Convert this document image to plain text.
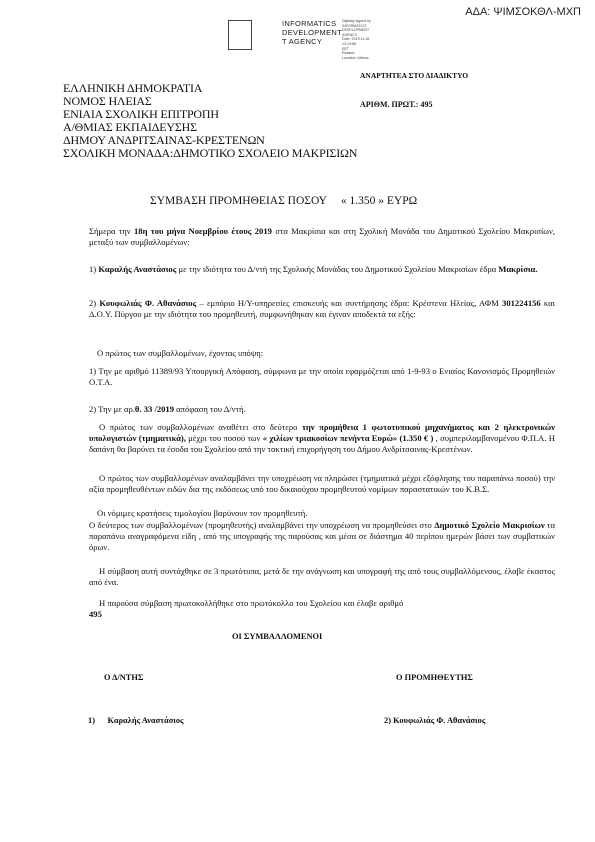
ΑΔΑ: ΨΙΜΣΟΚΘΛ-ΜΧΠ
INFORMATICS
DEVELOPMENT
T AGENCY
Digitally signed by
INFORMATICS
DEVELOPMENT AGENCY
Date: 2019.11.18 13:19:58
EET
Reason:
Location: Athens
ΑΝΑΡΤΗΤΕΑ ΣΤΟ ΔΙΑΔΙΚΤΥΟ
ΑΡΙΘΜ. ΠΡΩΤ.: 495
ΕΛΛΗΝΙΚΗ ΔΗΜΟΚΡΑΤΙΑ
ΝΟΜΟΣ ΗΛΕΙΑΣ
ΕΝΙΑΙΑ ΣΧΟΛΙΚΗ ΕΠΙΤΡΟΠΗ
Α/ΘΜΙΑΣ ΕΚΠΑΙΔΕΥΣΗΣ
ΔΗΜΟΥ ΑΝΔΡΙΤΣΑΙΝΑΣ-ΚΡΕΣΤΕΝΩΝ
ΣΧΟΛΙΚΗ ΜΟΝΑΔΑ:ΔΗΜΟΤΙΚΟ ΣΧΟΛΕΙΟ ΜΑΚΡΙΣΙΩΝ
ΣΥΜΒΑΣΗ ΠΡΟΜΗΘΕΙΑΣ ΠΟΣΟΥ     « 1.350 » ΕΥΡΩ
Σήμερα την 18η του μήνα Νοεμβρίου έτους 2019 στα Μακρίσια και στη Σχολική Μονάδα του Δημοτικού Σχολείου Μακρισίων, μεταξύ των συμβαλλομένων:
1) Καραλής Αναστάσιος με την ιδιότητα του Δ/ντή της Σχολικής Μονάδας του Δημοτικού Σχολείου Μακρισίων έδρα Μακρίσια.
2) Κουφωλιάς Φ. Αθανάσιος – εμπόριο Η/Υ-υπηρεσίες επισκευής και συντήρησης έδρα: Κρέστενα Ηλείας, ΑΦΜ 301224156 και Δ.Ο.Υ. Πύργου με την ιδιότητα του προμηθευτή, συμφωνήθηκαν και έγιναν αποδεκτά τα εξής:
Ο πρώτος των συμβαλλομένων, έχοντας υπόψη:
1) Την με αριθμό 11389/93 Υπουργική Απόφαση, σύμφωνα με την οποία εφαρμόζεται από 1-9-93 ο Ενιαίος Κανονισμός Προμηθειών Ο.Τ.Α.
2) Την με αρ.θ. 33 /2019 απόφαση του Δ/ντή.
Ο πρώτος των συμβαλλομένων αναθέτει στο δεύτερο την προμήθεια 1 φωτοτυπικού μηχανήματος και 2 ηλεκτρονικών υπολογιστών (τμηματικά), μέχρι του ποσού των « χιλίων τριακοσίων πενήντα Ευρώ» (1.350 € ) , συμπεριλαμβανομένου Φ.Π.Α. Η δαπάνη θα βαρύνει τα έσοδα του Σχολείου από την τακτική επιχορήγηση του Δήμου Ανδρίτσαινας-Κρεστένων.
Ο πρώτος των συμβαλλομένων αναλαμβάνει την υποχρέωση να πληρώσει (τμηματικά μέχρι εξόφλησης του παραπάνω ποσού) την αξία προμηθευθέντων ειδών δια της εκδόσεως υπό του δικαιούχου προμηθευτού νομίμων παραστατικών του Κ.Β.Σ.
Οι νόμιμες κρατήσεις τιμολογίου βαρύνουν τον προμηθευτή.
Ο δεύτερος των συμβαλλομένων (προμηθευτής) αναλαμβάνει την υποχρέωση να προμηθεύσει στο Δημοτικό Σχολείο Μακρισίων τα παραπάνω αναγραφόμενα είδη , από της υπογραφής της παρούσας και μέσα σε διάστημα 40 περίπου ημερών βάσει των συμβατικών όρων.
Η σύμβαση αυτή συντάχθηκε σε 3 πρωτότυπα, μετά δε την ανάγνωση και υπογραφή της από τους συμβαλλόμενους, έλαβε έκαστος από ένα.
Η παρούσα σύμβαση πρωτοκολλήθηκε στο πρωτόκολλο του Σχολείου και έλαβε αριθμό
495
ΟΙ ΣΥΜΒΑΛΛΟΜΕΝΟΙ
Ο Δ/ΝΤΗΣ	Ο ΠΡΟΜΗΘΕΥΤΗΣ
1)      Καραλής Αναστάσιος	2) Κουφωλιάς Φ. Αθανάσιος
